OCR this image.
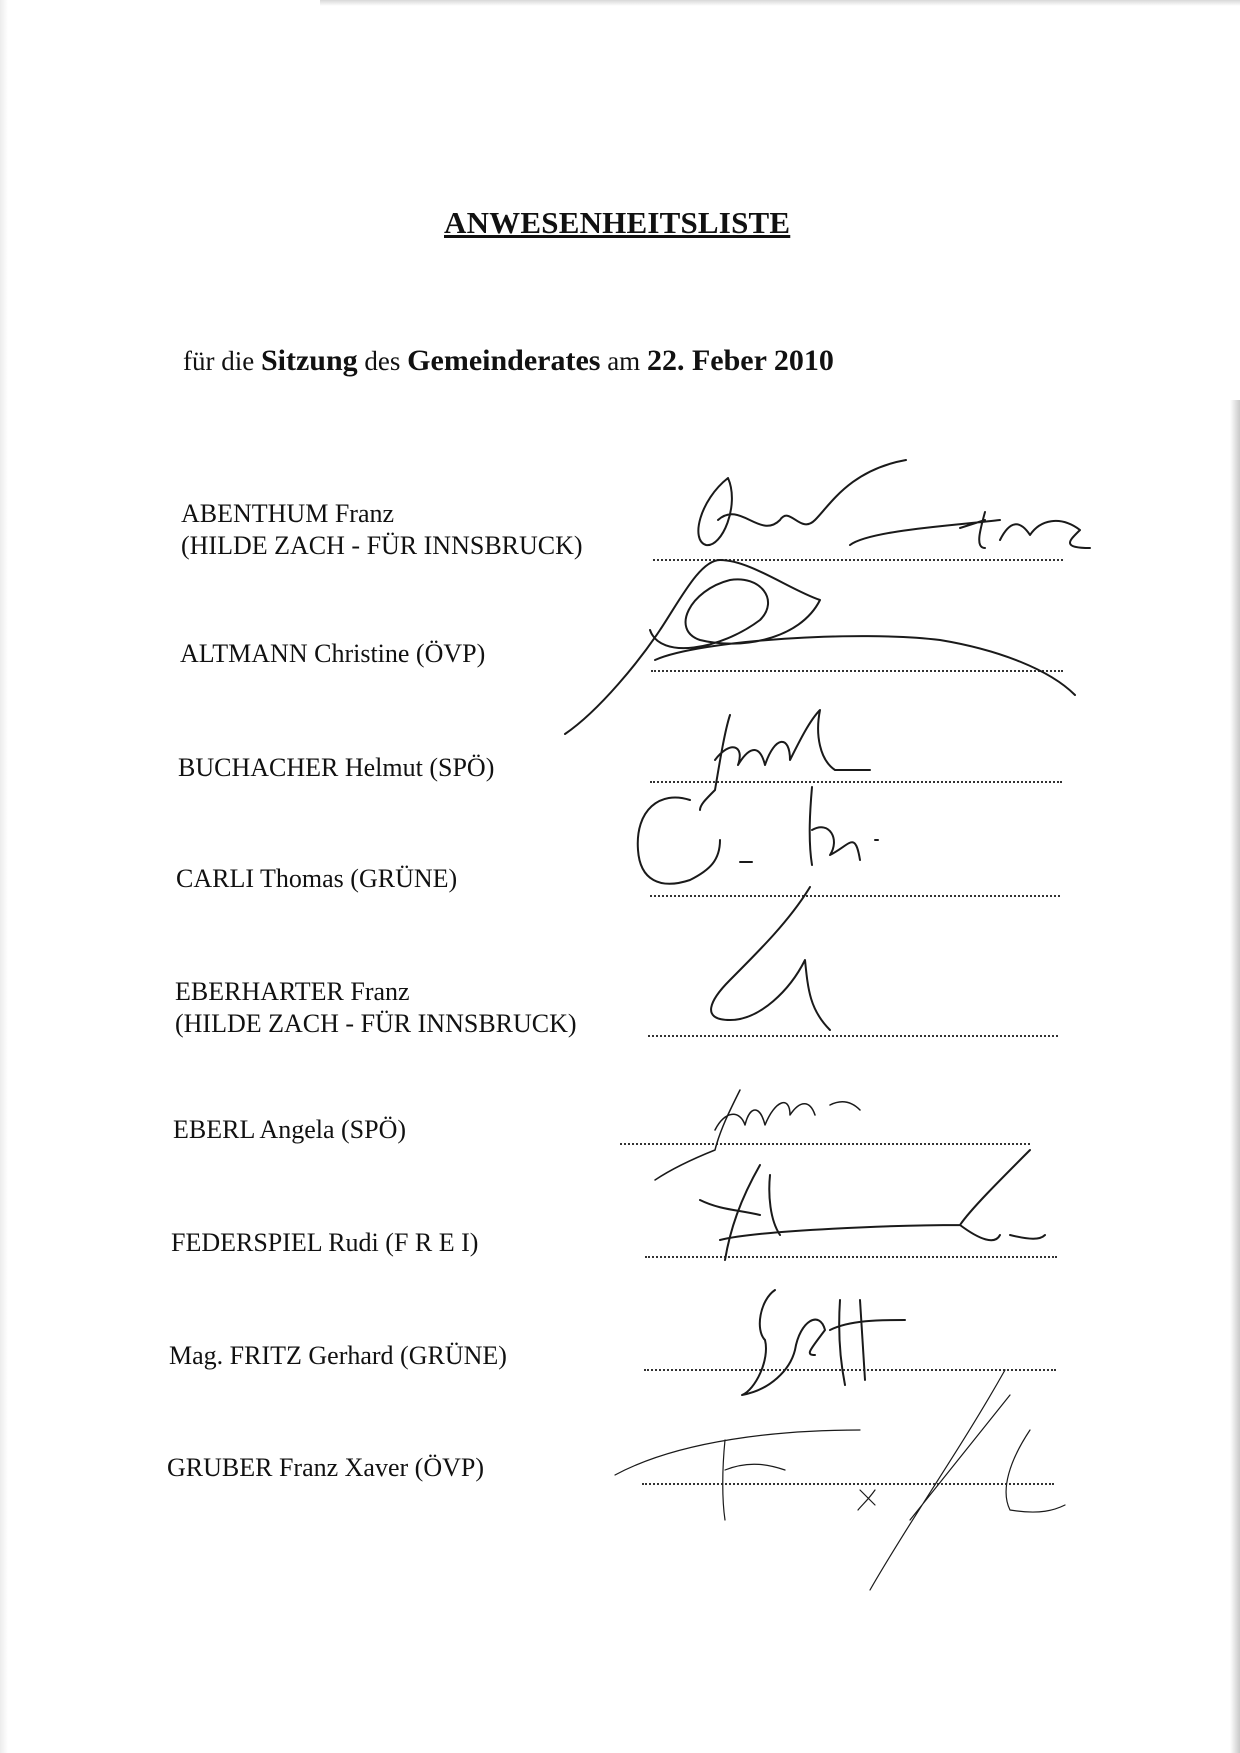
ANWESENHEITSLISTE
für die Sitzung des Gemeinderates am 22. Feber 2010
ABENTHUM Franz
(HILDE ZACH - FÜR INNSBRUCK)
ALTMANN Christine (ÖVP)
BUCHACHER Helmut (SPÖ)
CARLI Thomas (GRÜNE)
EBERHARTER Franz
(HILDE ZACH - FÜR INNSBRUCK)
EBERL Angela (SPÖ)
FEDERSPIEL Rudi (F R E I)
Mag. FRITZ Gerhard (GRÜNE)
GRUBER Franz Xaver (ÖVP)
